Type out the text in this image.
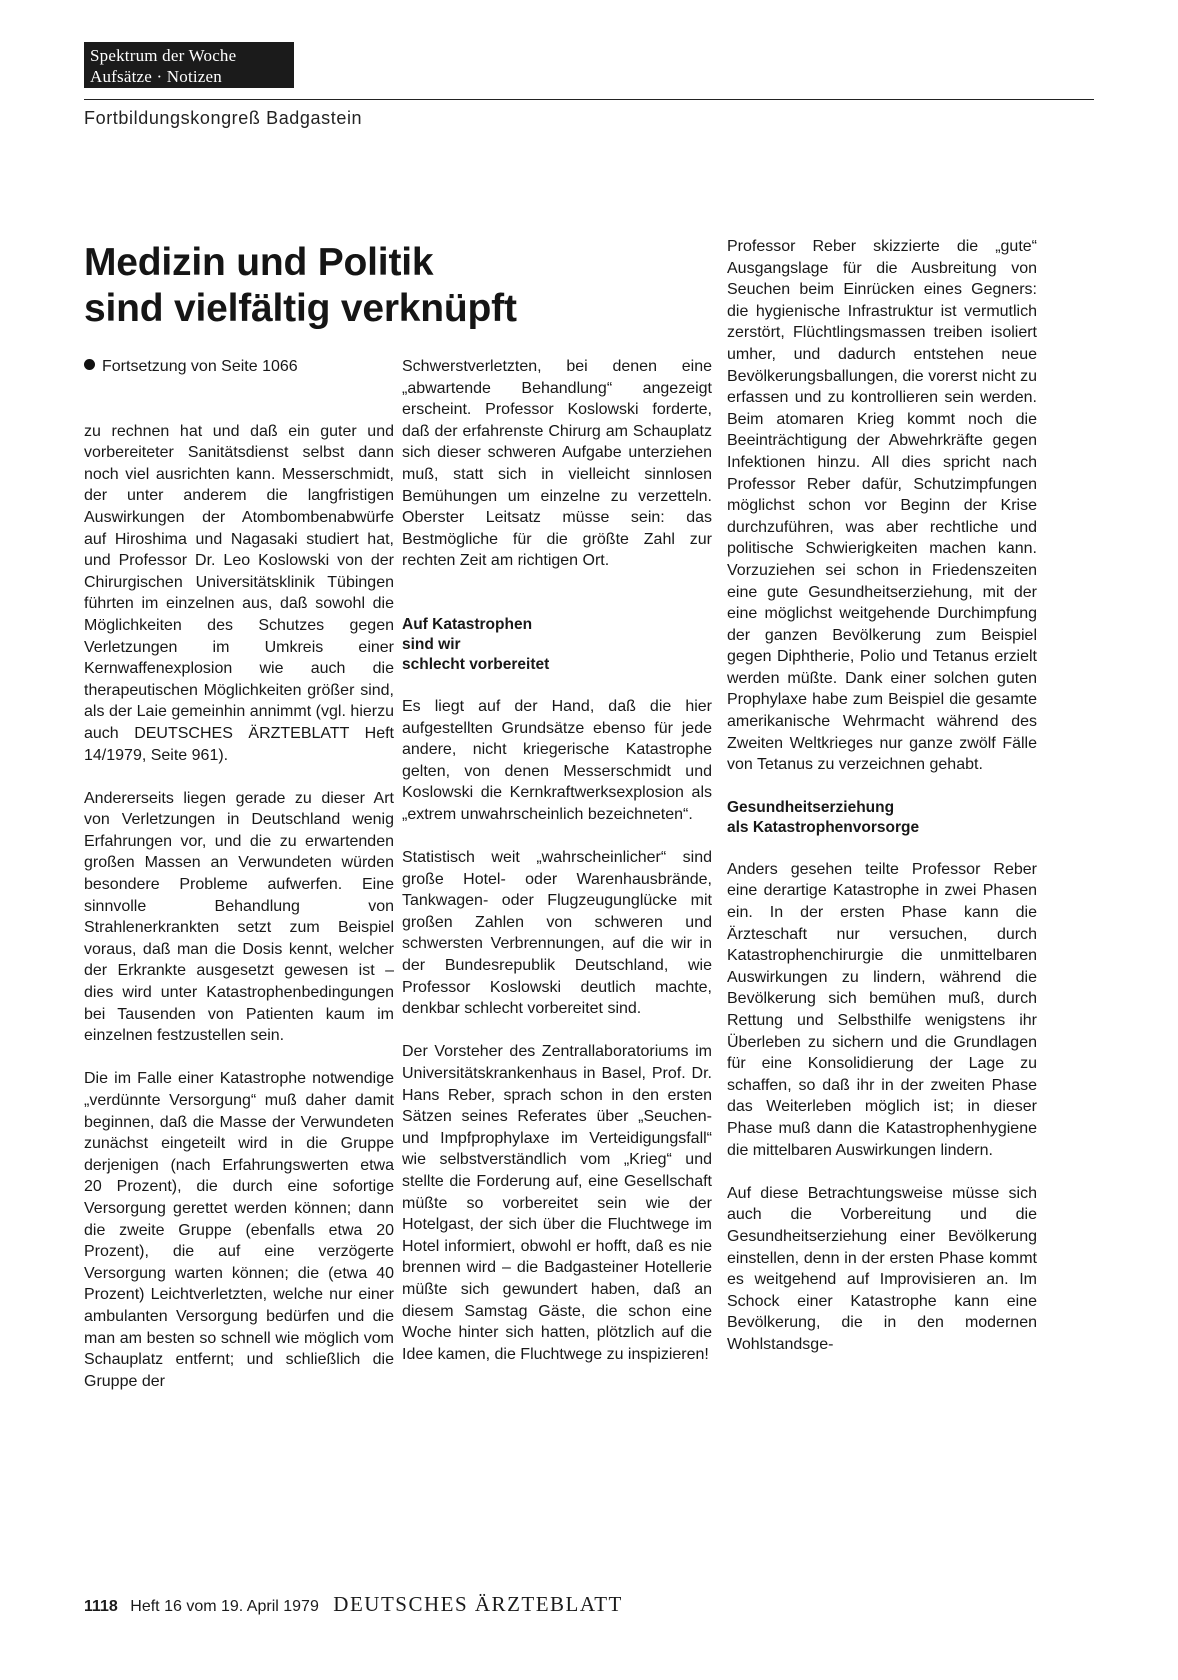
Spektrum der Woche
Aufsätze · Notizen
Fortbildungskongreß Badgastein
Medizin und Politik
sind vielfältig verknüpft

Fortsetzung von Seite 1066

zu rechnen hat und daß ein guter und vorbereiteter Sanitätsdienst selbst dann noch viel ausrichten kann. Messerschmidt, der unter anderem die langfristigen Auswirkungen der Atombombenabwürfe auf Hiroshima und Nagasaki studiert hat, und Professor Dr. Leo Koslowski von der Chirurgischen Universitätsklinik Tübingen führten im einzelnen aus, daß sowohl die Möglichkeiten des Schutzes gegen Verletzungen im Umkreis einer Kernwaffenexplosion wie auch die therapeutischen Möglichkeiten größer sind, als der Laie gemeinhin annimmt (vgl. hierzu auch DEUTSCHES ÄRZTEBLATT Heft 14/1979, Seite 961).

Andererseits liegen gerade zu dieser Art von Verletzungen in Deutschland wenig Erfahrungen vor, und die zu erwartenden großen Massen an Verwundeten würden besondere Probleme aufwerfen. Eine sinnvolle Behandlung von Strahlenerkrankten setzt zum Beispiel voraus, daß man die Dosis kennt, welcher der Erkrankte ausgesetzt gewesen ist – dies wird unter Katastrophenbedingungen bei Tausenden von Patienten kaum im einzelnen festzustellen sein.

Die im Falle einer Katastrophe notwendige „verdünnte Versorgung“ muß daher damit beginnen, daß die Masse der Verwundeten zunächst eingeteilt wird in die Gruppe derjenigen (nach Erfahrungswerten etwa 20 Prozent), die durch eine sofortige Versorgung gerettet werden können; dann die zweite Gruppe (ebenfalls etwa 20 Prozent), die auf eine verzögerte Versorgung warten können; die (etwa 40 Prozent) Leichtverletzten, welche nur einer ambulanten Versorgung bedürfen und die man am besten so schnell wie möglich vom Schauplatz entfernt; und schließlich die Gruppe der

Schwerstverletzten, bei denen eine „abwartende Behandlung“ angezeigt erscheint. Professor Koslowski forderte, daß der erfahrenste Chirurg am Schauplatz sich dieser schweren Aufgabe unterziehen muß, statt sich in vielleicht sinnlosen Bemühungen um einzelne zu verzetteln. Oberster Leitsatz müsse sein: das Bestmögliche für die größte Zahl zur rechten Zeit am richtigen Ort.

Auf Katastrophen
sind wir
schlecht vorbereitet

Es liegt auf der Hand, daß die hier aufgestellten Grundsätze ebenso für jede andere, nicht kriegerische Katastrophe gelten, von denen Messerschmidt und Koslowski die Kernkraftwerksexplosion als „extrem unwahrscheinlich bezeichneten“.

Statistisch weit „wahrscheinlicher“ sind große Hotel- oder Warenhausbrände, Tankwagen- oder Flugzeugunglücke mit großen Zahlen von schweren und schwersten Verbrennungen, auf die wir in der Bundesrepublik Deutschland, wie Professor Koslowski deutlich machte, denkbar schlecht vorbereitet sind.

Der Vorsteher des Zentrallaboratoriums im Universitätskrankenhaus in Basel, Prof. Dr. Hans Reber, sprach schon in den ersten Sätzen seines Referates über „Seuchen- und Impfprophylaxe im Verteidigungsfall“ wie selbstverständlich vom „Krieg“ und stellte die Forderung auf, eine Gesellschaft müßte so vorbereitet sein wie der Hotelgast, der sich über die Fluchtwege im Hotel informiert, obwohl er hofft, daß es nie brennen wird – die Badgasteiner Hotellerie müßte sich gewundert haben, daß an diesem Samstag Gäste, die schon eine Woche hinter sich hatten, plötzlich auf die Idee kamen, die Fluchtwege zu inspizieren!

Professor Reber skizzierte die „gute“ Ausgangslage für die Ausbreitung von Seuchen beim Einrücken eines Gegners: die hygienische Infrastruktur ist vermutlich zerstört, Flüchtlingsmassen treiben isoliert umher, und dadurch entstehen neue Bevölkerungsballungen, die vorerst nicht zu erfassen und zu kontrollieren sein werden. Beim atomaren Krieg kommt noch die Beeinträchtigung der Abwehrkräfte gegen Infektionen hinzu. All dies spricht nach Professor Reber dafür, Schutzimpfungen möglichst schon vor Beginn der Krise durchzuführen, was aber rechtliche und politische Schwierigkeiten machen kann. Vorzuziehen sei schon in Friedenszeiten eine gute Gesundheitserziehung, mit der eine möglichst weitgehende Durchimpfung der ganzen Bevölkerung zum Beispiel gegen Diphtherie, Polio und Tetanus erzielt werden müßte. Dank einer solchen guten Prophylaxe habe zum Beispiel die gesamte amerikanische Wehrmacht während des Zweiten Weltkrieges nur ganze zwölf Fälle von Tetanus zu verzeichnen gehabt.

Gesundheitserziehung
als Katastrophenvorsorge

Anders gesehen teilte Professor Reber eine derartige Katastrophe in zwei Phasen ein. In der ersten Phase kann die Ärzteschaft nur versuchen, durch Katastrophenchirurgie die unmittelbaren Auswirkungen zu lindern, während die Bevölkerung sich bemühen muß, durch Rettung und Selbsthilfe wenigstens ihr Überleben zu sichern und die Grundlagen für eine Konsolidierung der Lage zu schaffen, so daß ihr in der zweiten Phase das Weiterleben möglich ist; in dieser Phase muß dann die Katastrophenhygiene die mittelbaren Auswirkungen lindern.

Auf diese Betrachtungsweise müsse sich auch die Vorbereitung und die Gesundheitserziehung einer Bevölkerung einstellen, denn in der ersten Phase kommt es weitgehend auf Improvisieren an. Im Schock einer Katastrophe kann eine Bevölkerung, die in den modernen Wohlstandsge-

1118 Heft 16 vom 19. April 1979 DEUTSCHES ÄRZTEBLATT
